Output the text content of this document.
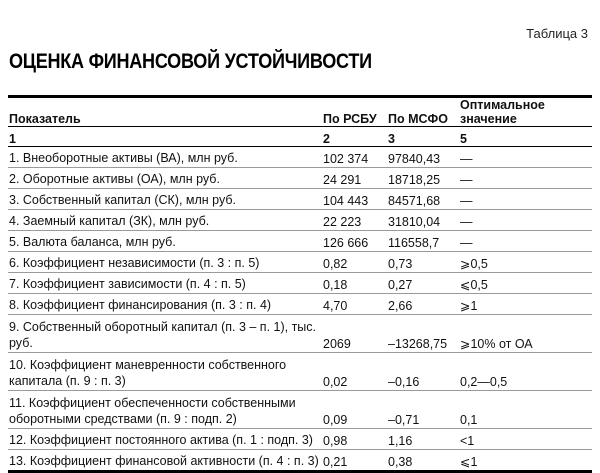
Таблица 3
ОЦЕНКА ФИНАНСОВОЙ УСТОЙЧИВОСТИ
Показатель	По РСБУ	По МСФО	Оптимальное значение
1	2	3	5
1. Внеоборотные активы (ВА), млн руб.	102 374	97840,43	—
2. Оборотные активы (ОА), млн руб.	24 291	18718,25	—
3. Собственный капитал (СК), млн руб.	104 443	84571,68	—
4. Заемный капитал (ЗК), млн руб.	22 223	31810,04	—
5. Валюта баланса, млн руб.	126 666	116558,7	—
6. Коэффициент независимости (п. 3 : п. 5)	0,82	0,73	⩾0,5
7. Коэффициент зависимости (п. 4 : п. 5)	0,18	0,27	⩽0,5
8. Коэффициент финансирования (п. 3 : п. 4)	4,70	2,66	⩾1
9. Собственный оборотный капитал (п. 3 – п. 1), тыс. руб.	2069	–13268,75	⩾10% от ОА
10. Коэффициент маневренности собственного капитала (п. 9 : п. 3)	0,02	–0,16	0,2—0,5
11. Коэффициент обеспеченности собственными оборотными средствами (п. 9 : подп. 2)	0,09	–0,71	0,1
12. Коэффициент постоянного актива (п. 1 : подп. 3)	0,98	1,16	<1
13. Коэффициент финансовой активности (п. 4 : п. 3)	0,21	0,38	⩽1
